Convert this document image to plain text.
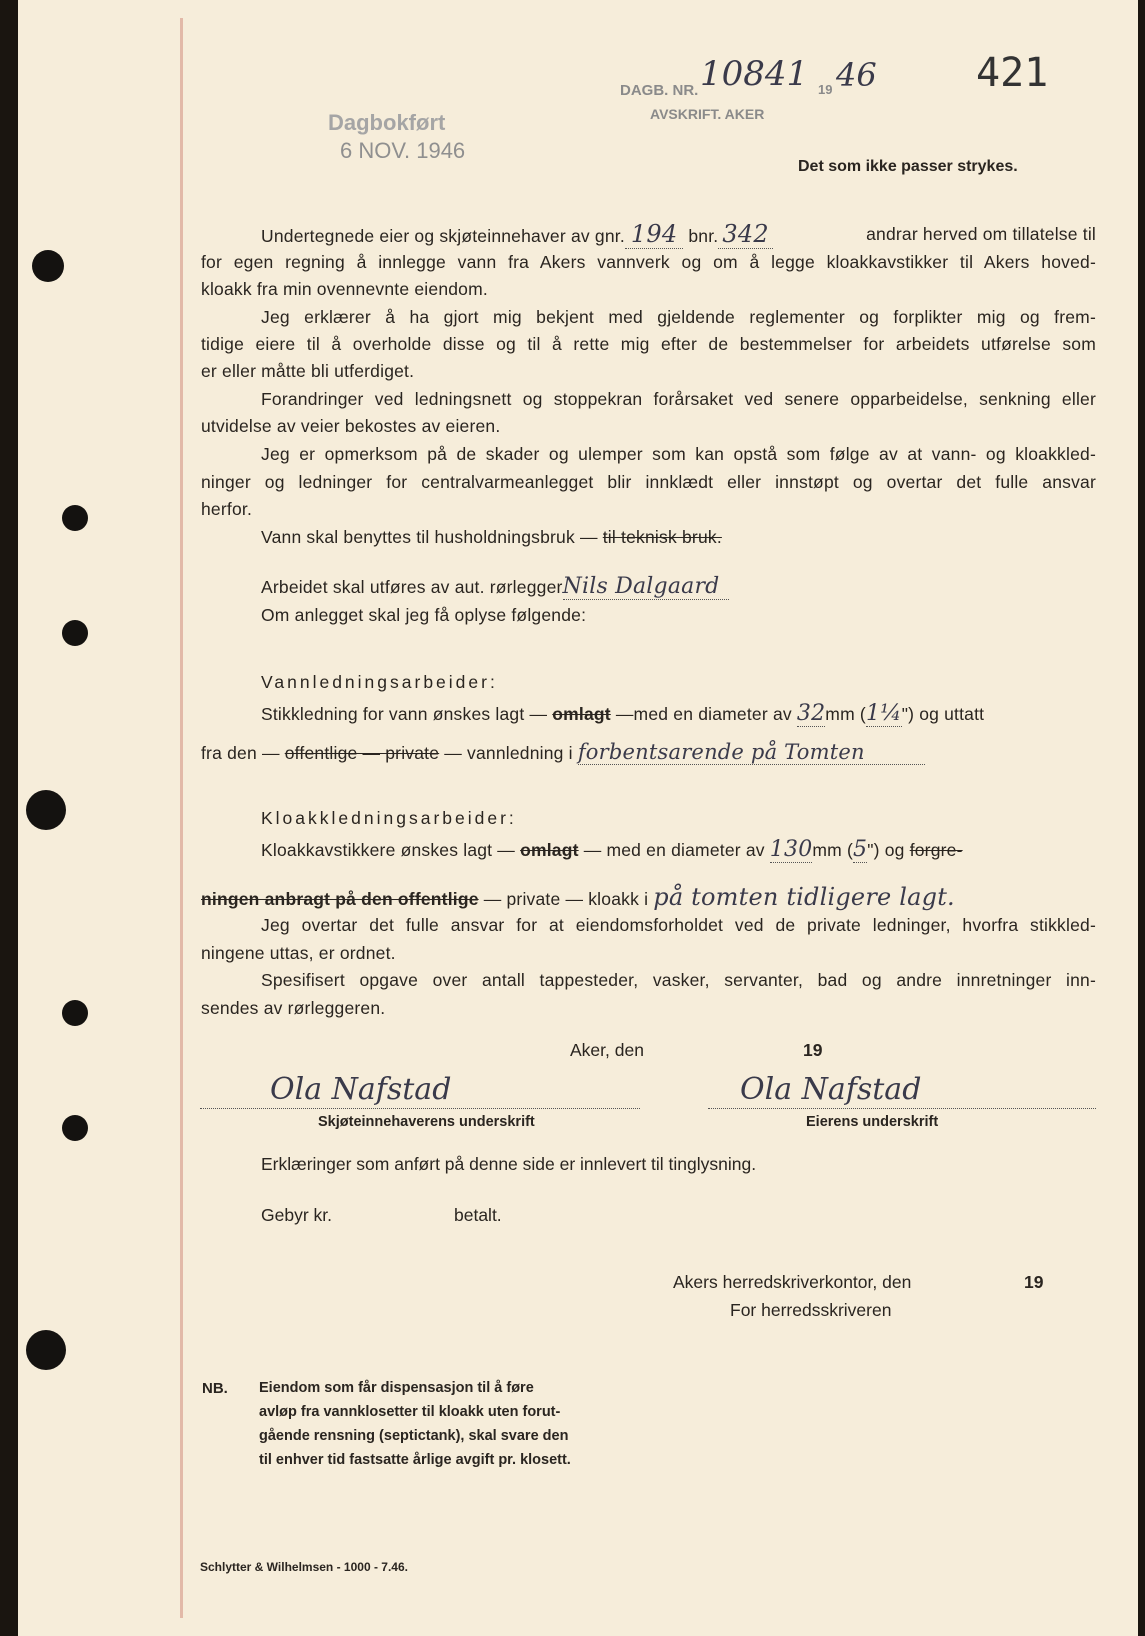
Dagbokført
6 NOV. 1946
DAGB. NR. 10841 19 46
AVSKRIFT. AKER
421
Det som ikke passer strykes.
Undertegnede eier og skjøteinnehaver av gnr. 194 bnr. 342	andrar herved om tillatelse til
for egen regning å innlegge vann fra Akers vannverk og om å legge kloakkavstikker til Akers hoved-
kloakk fra min ovennevnte eiendom.
Jeg erklærer å ha gjort mig bekjent med gjeldende reglementer og forplikter mig og frem-
tidige eiere til å overholde disse og til å rette mig efter de bestemmelser for arbeidets utførelse som
er eller måtte bli utferdiget.
Forandringer ved ledningsnett og stoppekran forårsaket ved senere opparbeidelse, senkning eller
utvidelse av veier bekostes av eieren.
Jeg er opmerksom på de skader og ulemper som kan opstå som følge av at vann- og kloakkled-
ninger og ledninger for centralvarmeanlegget blir innklædt eller innstøpt og overtar det fulle ansvar
herfor.
Vann skal benyttes til husholdningsbruk — til teknisk bruk.
Arbeidet skal utføres av aut. rørleggerNils Dalgaard
Om anlegget skal jeg få oplyse følgende:
Vannledningsarbeider:
Stikkledning for vann ønskes lagt — omlagt —med en diameter av 32mm (1¼") og uttatt
fra den — offentlige — private — vannledning i forbentsarende på Tomten
Kloakkledningsarbeider:
Kloakkavstikkere ønskes lagt — omlagt — med en diameter av 130mm (5") og forgre-
ningen anbragt på den offentlige — private — kloakk i på tomten tidligere lagt.
Jeg overtar det fulle ansvar for at eiendomsforholdet ved de private ledninger, hvorfra stikkled-
ningene uttas, er ordnet.
Spesifisert opgave over antall tappesteder, vasker, servanter, bad og andre innretninger inn-
sendes av rørleggeren.
Aker, den	19
Ola Nafstad
Skjøteinnehaverens underskrift
Ola Nafstad
Eierens underskrift
Erklæringer som anført på denne side er innlevert til tinglysning.
Gebyr kr.	betalt.
Akers herredskriverkontor, den	19
For herredsskriveren
NB. Eiendom som får dispensasjon til å føre
avløp fra vannklosetter til kloakk uten forut-
gående rensning (septictank), skal svare den
til enhver tid fastsatte årlige avgift pr. klosett.
Schlytter & Wilhelmsen - 1000 - 7.46.
